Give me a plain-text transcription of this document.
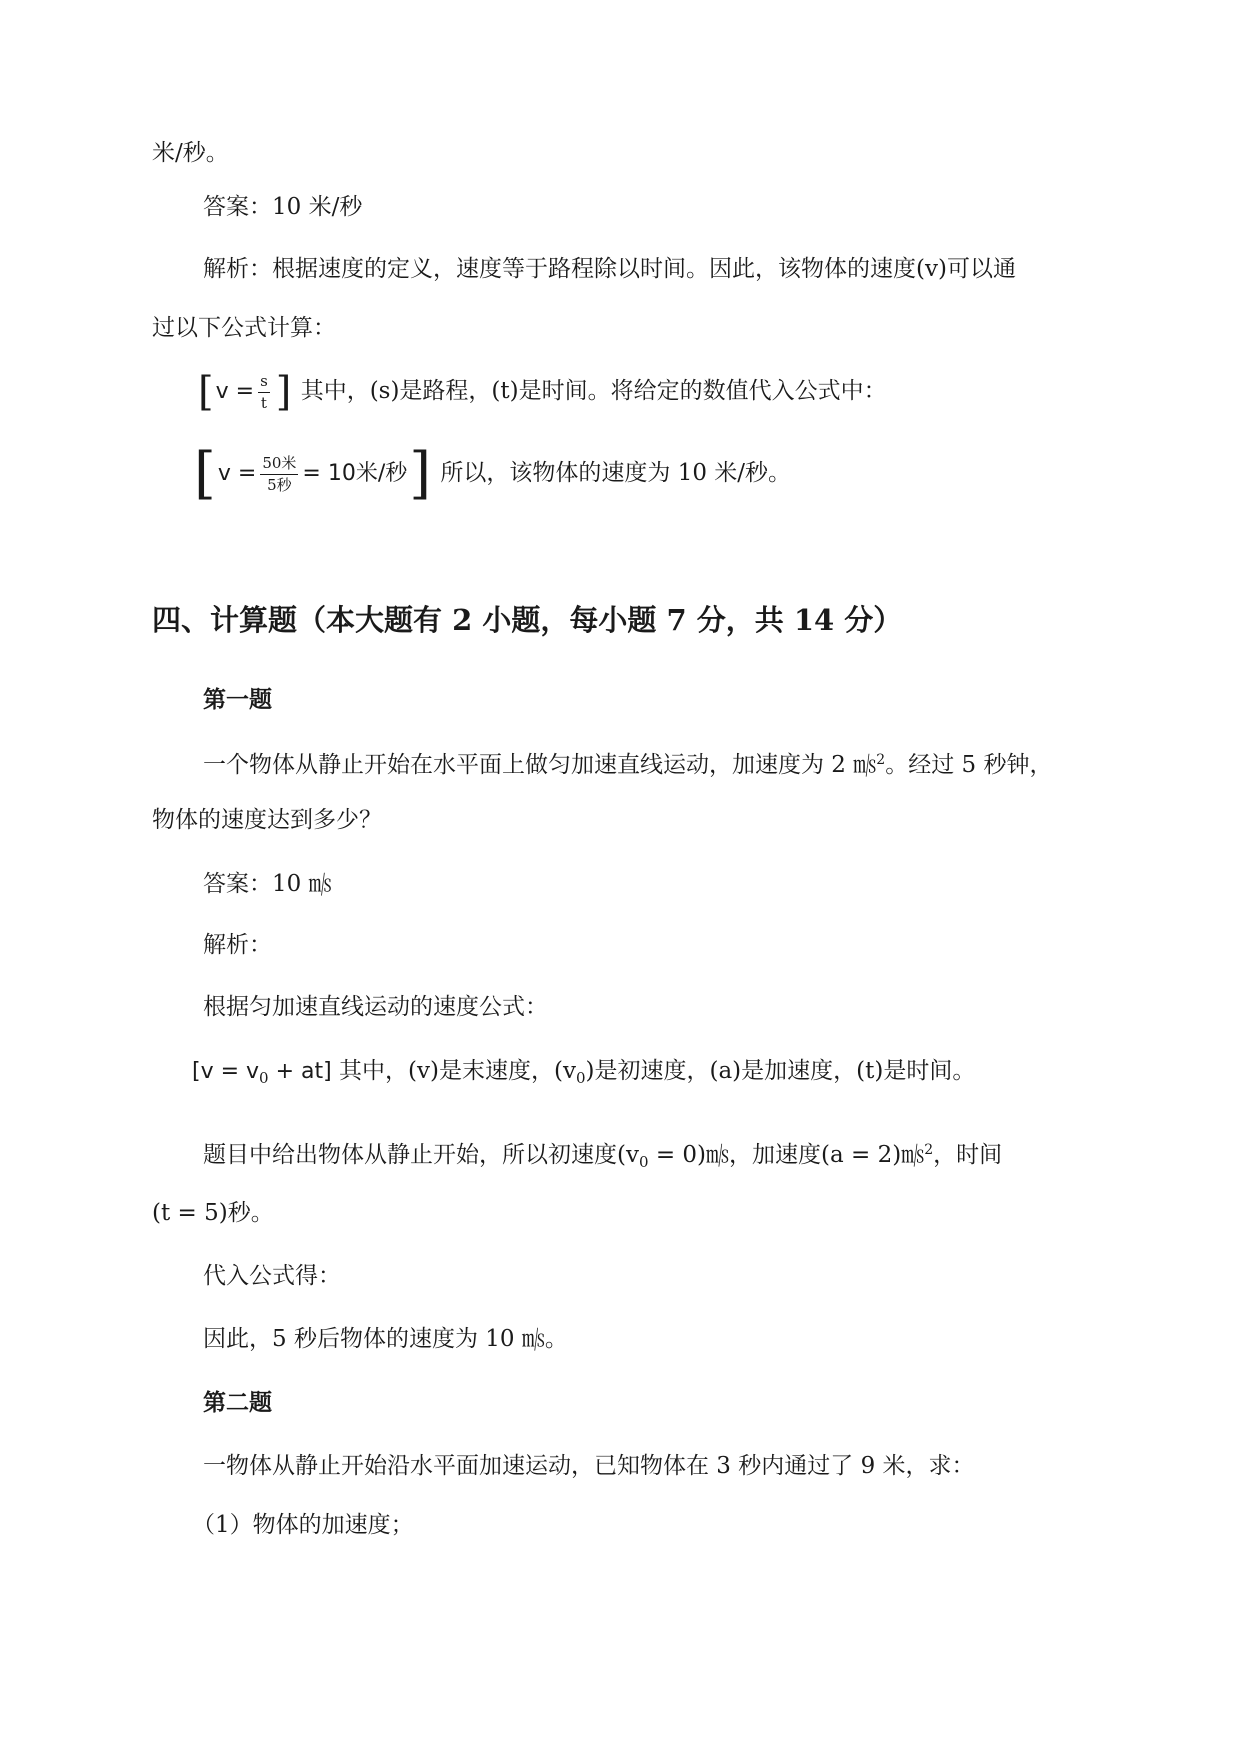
米/秒。
答案：10 米/秒
解析：根据速度的定义，速度等于路程除以时间。因此，该物体的速度(v)可以通
过以下公式计算：
[$v = \frac{s}{t}$ ] 其中，(s)是路程，(t)是时间。将给定的数值代入公式中：
[$v = \frac{\text{50米}}{\text{5秒}} = 10$米/秒] 所以，该物体的速度为 10 米/秒。
四、计算题（本大题有 2 小题，每小题 7 分，共 14 分）
第一题
一个物体从静止开始在水平面上做匀加速直线运动，加速度为 2 ㎧$^2$。经过 5 秒钟，
物体的速度达到多少？
答案：10 ㎧
解析：
根据匀加速直线运动的速度公式：
$[v = v_0 + at]$ 其中，(v)是末速度，$(v_0)$是初速度，(a)是加速度，(t)是时间。
题目中给出物体从静止开始，所以初速度($v_0$ = 0)㎧，加速度(a = 2)㎧$^2$，时间
(t = 5)秒。
代入公式得：
因此，5 秒后物体的速度为 10 ㎧。
第二题
一物体从静止开始沿水平面加速运动，已知物体在 3 秒内通过了 9 米，求：
（1）物体的加速度；
